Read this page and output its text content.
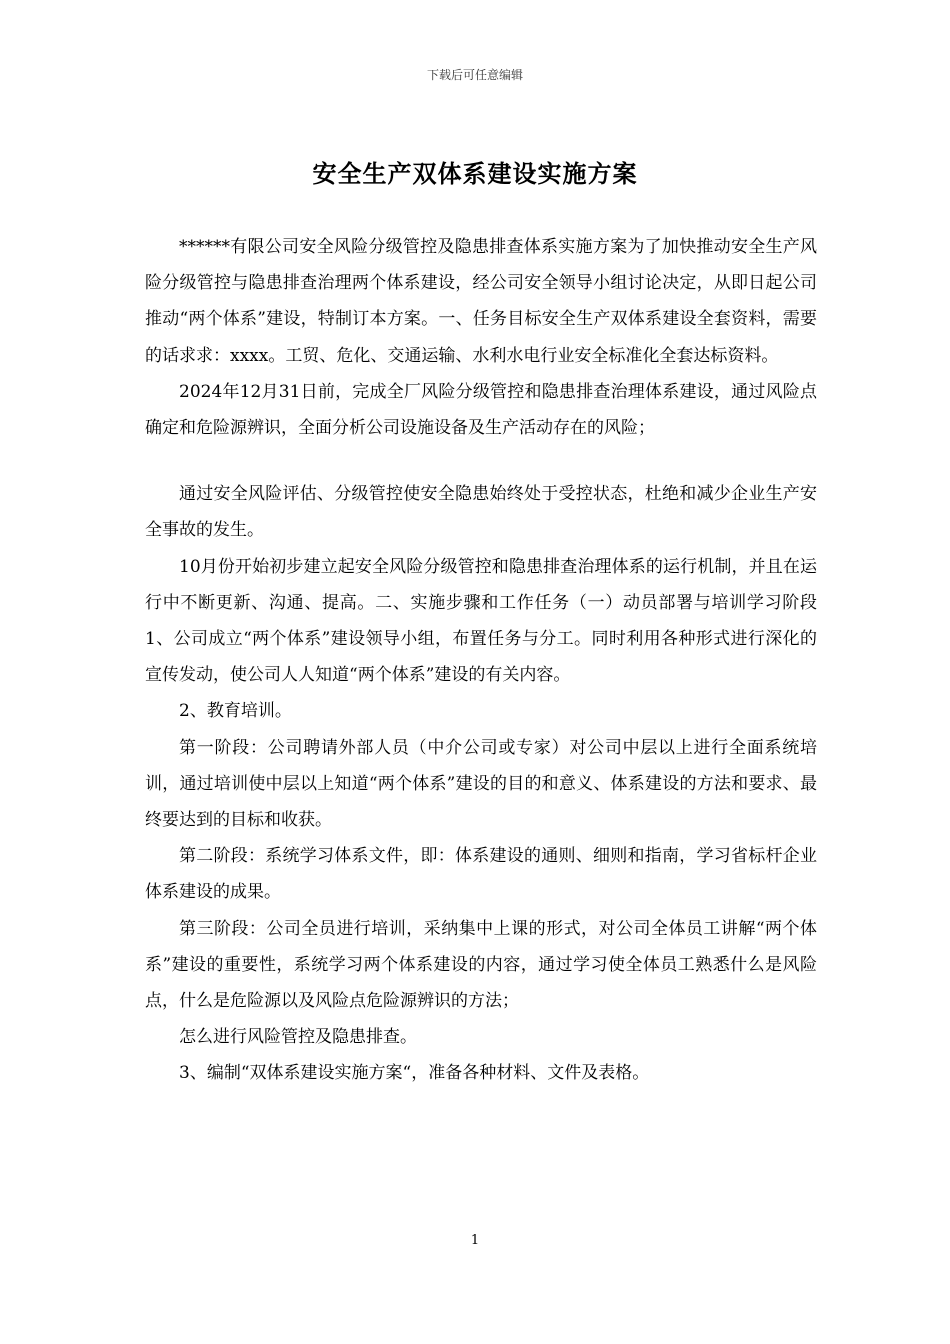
下载后可任意编辑
安全生产双体系建设实施方案

******有限公司安全风险分级管控及隐患排查体系实施方案为了加快推动安全生产风险分级管控与隐患排查治理两个体系建设，经公司安全领导小组讨论决定，从即日起公司推动“两个体系”建设，特制订本方案。一、任务目标安全生产双体系建设全套资料，需要的话求求：xxxx。工贸、危化、交通运输、水利水电行业安全标准化全套达标资料。

2024年12月31日前，完成全厂风险分级管控和隐患排查治理体系建设，通过风险点确定和危险源辨识，全面分析公司设施设备及生产活动存在的风险；

通过安全风险评估、分级管控使安全隐患始终处于受控状态，杜绝和减少企业生产安全事故的发生。

10月份开始初步建立起安全风险分级管控和隐患排查治理体系的运行机制，并且在运行中不断更新、沟通、提高。二、实施步骤和工作任务（一）动员部署与培训学习阶段1、公司成立“两个体系”建设领导小组，布置任务与分工。同时利用各种形式进行深化的宣传发动，使公司人人知道“两个体系”建设的有关内容。

2、教育培训。

第一阶段：公司聘请外部人员（中介公司或专家）对公司中层以上进行全面系统培训，通过培训使中层以上知道“两个体系”建设的目的和意义、体系建设的方法和要求、最终要达到的目标和收获。

第二阶段：系统学习体系文件，即：体系建设的通则、细则和指南，学习省标杆企业体系建设的成果。

第三阶段：公司全员进行培训，采纳集中上课的形式，对公司全体员工讲解“两个体系”建设的重要性，系统学习两个体系建设的内容，通过学习使全体员工熟悉什么是风险点，什么是危险源以及风险点危险源辨识的方法；

怎么进行风险管控及隐患排查。

3、编制“双体系建设实施方案“，准备各种材料、文件及表格。

1
